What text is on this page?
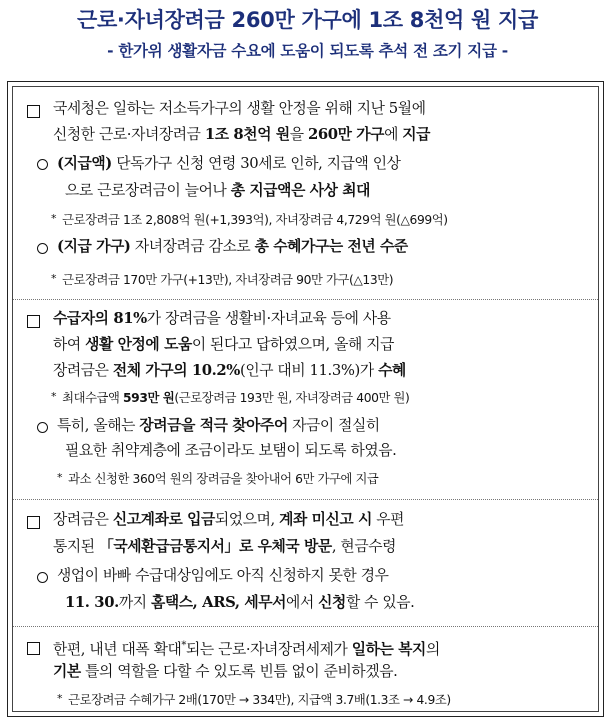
근로·자녀장려금 260만 가구에 1조 8천억 원 지급
- 한가위 생활자금 수요에 도움이 되도록 추석 전 조기 지급 -
국세청은 일하는 저소득가구의 생활 안정을 위해 지난 5월에
신청한 근로·자녀장려금 1조 8천억 원을 260만 가구에 지급
(지급액) 단독가구 신청 연령 30세로 인하, 지급액 인상
으로 근로장려금이 늘어나 총 지급액은 사상 최대
* 근로장려금 1조 2,808억 원(+1,393억), 자녀장려금 4,729억 원(△699억)
(지급 가구) 자녀장려금 감소로 총 수혜가구는 전년 수준
* 근로장려금 170만 가구(+13만), 자녀장려금 90만 가구(△13만)
수급자의 81%가 장려금을 생활비·자녀교육 등에 사용
하여 생활 안정에 도움이 된다고 답하였으며, 올해 지급
장려금은 전체 가구의 10.2%(인구 대비 11.3%)가 수혜
* 최대수급액 593만 원(근로장려금 193만 원, 자녀장려금 400만 원)
특히, 올해는 장려금을 적극 찾아주어 자금이 절실히
필요한 취약계층에 조금이라도 보탬이 되도록 하였음.
* 과소 신청한 360억 원의 장려금을 찾아내어 6만 가구에 지급
장려금은 신고계좌로 입금되었으며, 계좌 미신고 시 우편
통지된 「국세환급금통지서」로 우체국 방문, 현금수령
생업이 바빠 수급대상임에도 아직 신청하지 못한 경우
11. 30.까지 홈택스, ARS, 세무서에서 신청할 수 있음.
한편, 내년 대폭 확대*되는 근로·자녀장려세제가 일하는 복지의
기본 틀의 역할을 다할 수 있도록 빈틈 없이 준비하겠음.
* 근로장려금 수혜가구 2배(170만 → 334만), 지급액 3.7배(1.3조 → 4.9조)
